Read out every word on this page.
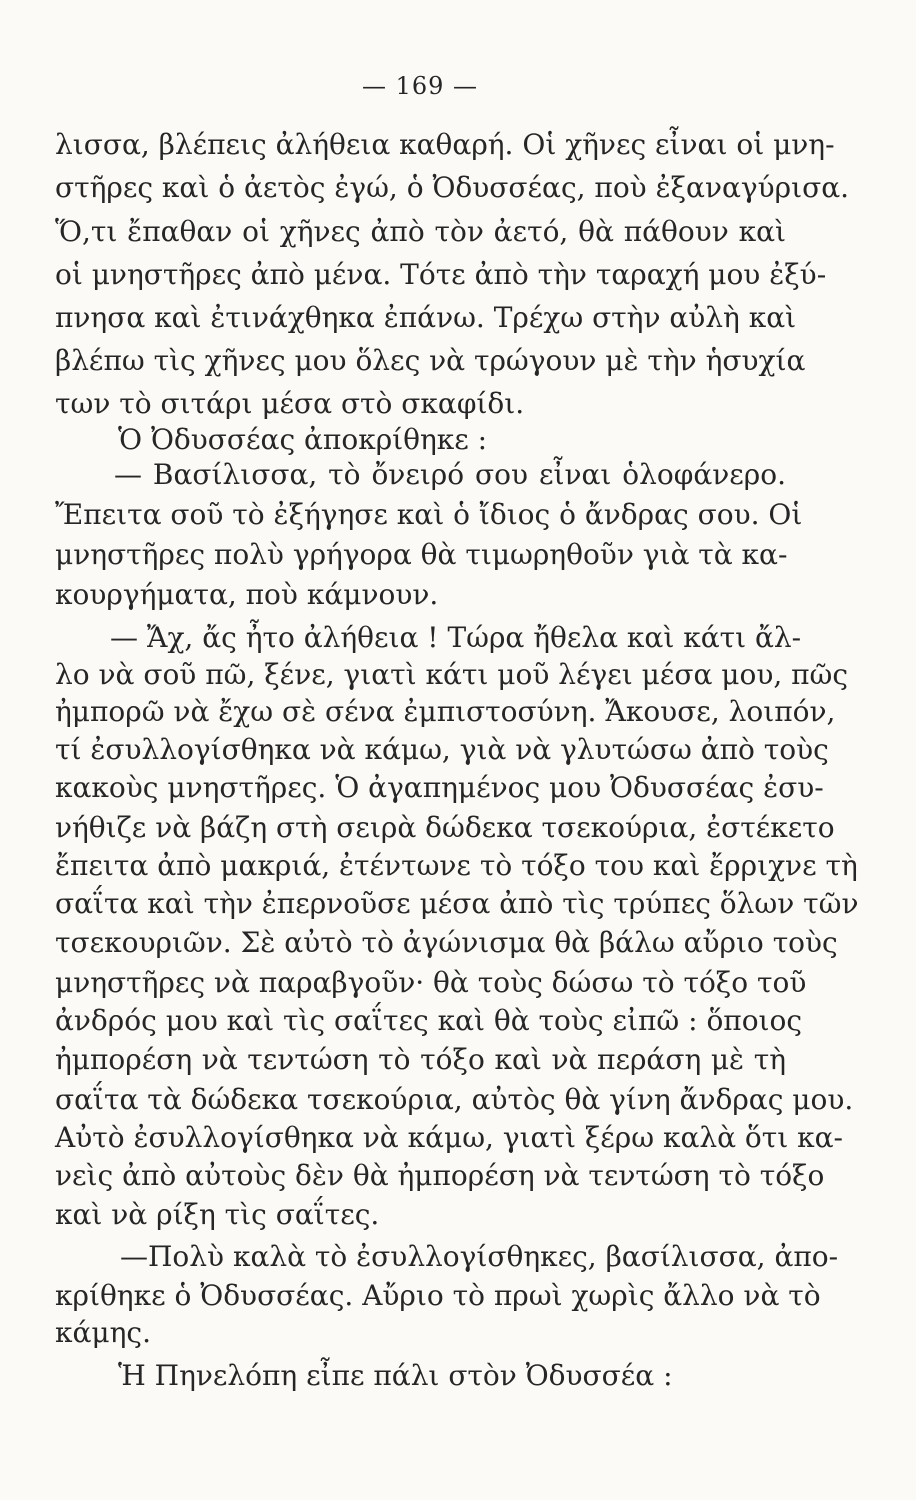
— 169 —
λισσα, βλέπεις ἀλήθεια καθαρή. Οἱ χῆνες εἶναι οἱ μνη-
στῆρες καὶ ὁ ἀετὸς ἐγώ, ὁ Ὀδυσσέας, ποὺ ἐξαναγύρισα.
Ὅ,τι ἔπαθαν οἱ χῆνες ἀπὸ τὸν ἀετό, θὰ πάθουν καὶ
οἱ μνηστῆρες ἀπὸ μένα. Τότε ἀπὸ τὴν ταραχή μου ἐξύ-
πνησα καὶ ἐτινάχθηκα ἐπάνω. Τρέχω στὴν αὐλὴ καὶ
βλέπω τὶς χῆνες μου ὅλες νὰ τρώγουν μὲ τὴν ἡσυχία
των τὸ σιτάρι μέσα στὸ σκαφίδι.
Ὁ Ὀδυσσέας ἀποκρίθηκε :
— Βασίλισσα, τὸ ὄνειρό σου εἶναι ὁλοφάνερο.
Ἔπειτα σοῦ τὸ ἐξήγησε καὶ ὁ ἴδιος ὁ ἄνδρας σου. Οἱ
μνηστῆρες πολὺ γρήγορα θὰ τιμωρηθοῦν γιὰ τὰ κα-
κουργήματα, ποὺ κάμνουν.
— Ἄχ, ἄς ἦτο ἀλήθεια ! Τώρα ἤθελα καὶ κάτι ἄλ-
λο νὰ σοῦ πῶ, ξένε, γιατὶ κάτι μοῦ λέγει μέσα μου, πῶς
ἠμπορῶ νὰ ἔχω σὲ σένα ἐμπιστοσύνη. Ἄκουσε, λοιπόν,
τί ἐσυλλογίσθηκα νὰ κάμω, γιὰ νὰ γλυτώσω ἀπὸ τοὺς
κακοὺς μνηστῆρες. Ὁ ἀγαπημένος μου Ὀδυσσέας ἐσυ-
νήθιζε νὰ βάζη στὴ σειρὰ δώδεκα τσεκούρια, ἐστέκετο
ἔπειτα ἀπὸ μακριά, ἐτέντωνε τὸ τόξο του καὶ ἔρριχνε τὴ
σαΐτα καὶ τὴν ἐπερνοῦσε μέσα ἀπὸ τὶς τρύπες ὅλων τῶν
τσεκουριῶν. Σὲ αὐτὸ τὸ ἀγώνισμα θὰ βάλω αὔριο τοὺς
μνηστῆρες νὰ παραβγοῦν· θὰ τοὺς δώσω τὸ τόξο τοῦ
ἀνδρός μου καὶ τὶς σαΐτες καὶ θὰ τοὺς εἰπῶ : ὅποιος
ἠμπορέση νὰ τεντώση τὸ τόξο καὶ νὰ περάση μὲ τὴ
σαΐτα τὰ δώδεκα τσεκούρια, αὐτὸς θὰ γίνη ἄνδρας μου.
Αὐτὸ ἐσυλλογίσθηκα νὰ κάμω, γιατὶ ξέρω καλὰ ὅτι κα-
νεὶς ἀπὸ αὐτοὺς δὲν θὰ ἠμπορέση νὰ τεντώση τὸ τόξο
καὶ νὰ ρίξη τὶς σαΐτες.
—Πολὺ καλὰ τὸ ἐσυλλογίσθηκες, βασίλισσα, ἀπο-
κρίθηκε ὁ Ὀδυσσέας. Αὔριο τὸ πρωὶ χωρὶς ἄλλο νὰ τὸ
κάμης.
Ἡ Πηνελόπη εἶπε πάλι στὸν Ὀδυσσέα :
